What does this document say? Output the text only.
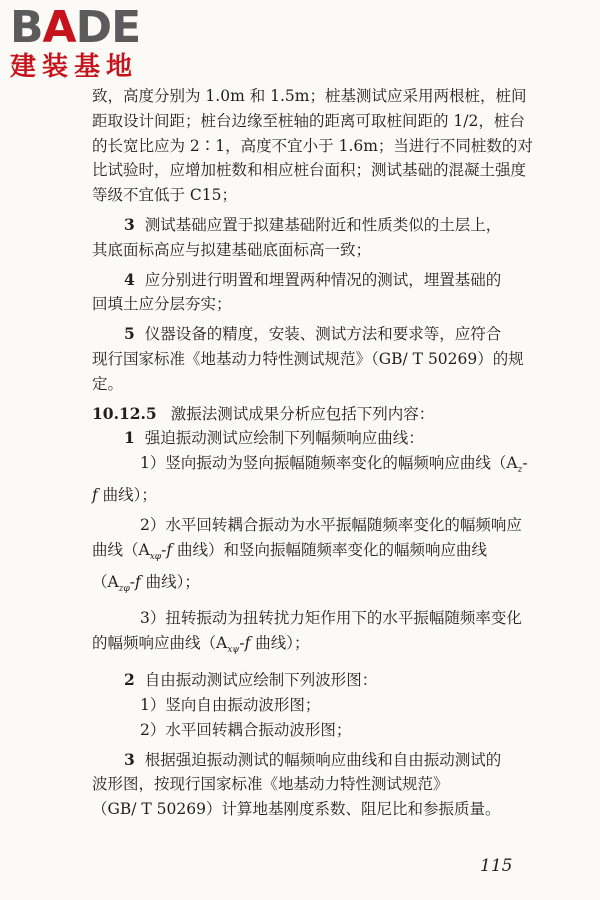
BADE
建装基地
致，高度分别为 1.0m 和 1.5m；桩基测试应采用两根桩，桩间
距取设计间距；桩台边缘至桩轴的距离可取桩间距的 1/2，桩台
的长宽比应为 2∶1，高度不宜小于 1.6m；当进行不同桩数的对
比试验时，应增加桩数和相应桩台面积；测试基础的混凝土强度
等级不宜低于 C15；
3 测试基础应置于拟建基础附近和性质类似的土层上，
其底面标高应与拟建基础底面标高一致；
4 应分别进行明置和埋置两种情况的测试，埋置基础的
回填土应分层夯实；
5 仪器设备的精度，安装、测试方法和要求等，应符合
现行国家标准《地基动力特性测试规范》（GB/ T 50269）的规
定。
10.12.5 激振法测试成果分析应包括下列内容：
1 强迫振动测试应绘制下列幅频响应曲线：
1）竖向振动为竖向振幅随频率变化的幅频响应曲线（$A_z-$
f 曲线）；
2）水平回转耦合振动为水平振幅随频率变化的幅频响应
曲线（$A_{x\varphi}-f$ 曲线）和竖向振幅随频率变化的幅频响应曲线
（$A_{z\varphi}-f$ 曲线）；
3）扭转振动为扭转扰力矩作用下的水平振幅随频率变化
的幅频响应曲线（$A_{x\psi}-f$ 曲线）；
2 自由振动测试应绘制下列波形图：
1）竖向自由振动波形图；
2）水平回转耦合振动波形图；
3 根据强迫振动测试的幅频响应曲线和自由振动测试的
波形图，按现行国家标准《地基动力特性测试规范》
（GB/ T 50269）计算地基刚度系数、阻尼比和参振质量。
115
